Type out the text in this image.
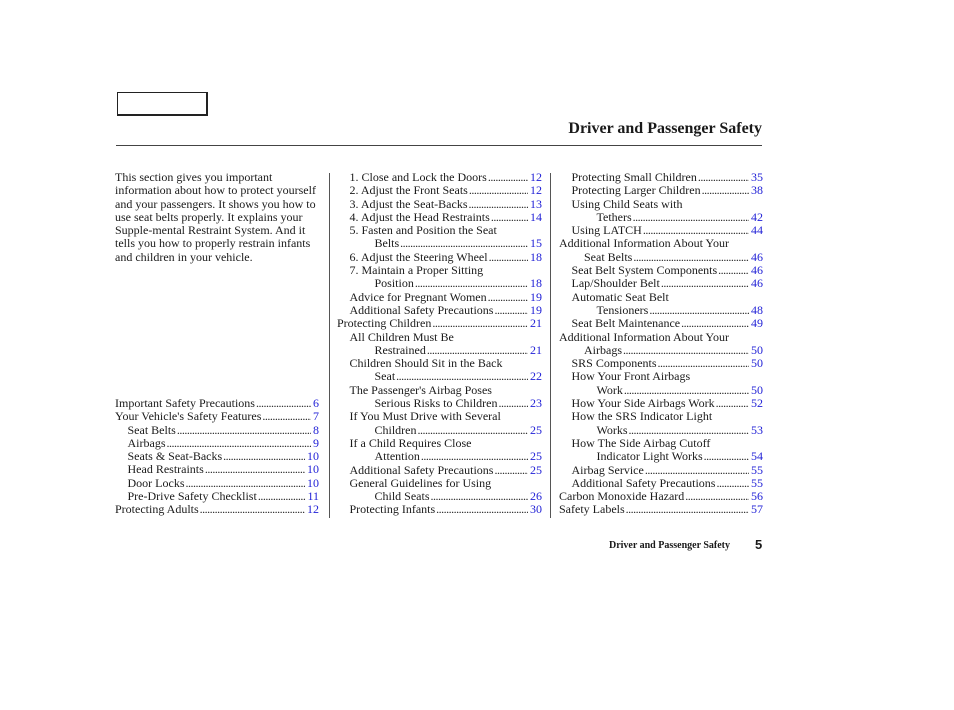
Driver and Passenger Safety

This section gives you important information about how to protect yourself and your passengers. It shows you how to use seat belts properly. It explains your Supple-mental Restraint System. And it tells you how to properly restrain infants and children in your vehicle.

Important Safety Precautions .....	6
Your Vehicle's Safety Features .....	7
Seat Belts .....	8
Airbags .....	9
Seats & Seat-Backs .....	10
Head Restraints .....	10
Door Locks .....	10
Pre-Drive Safety Checklist .....	11
Protecting Adults .....	12
1. Close and Lock the Doors .....	12
2. Adjust the Front Seats .....	12
3. Adjust the Seat-Backs .....	13
4. Adjust the Head Restraints .....	14
5. Fasten and Position the Seat
Belts .....	15
6. Adjust the Steering Wheel .....	18
7. Maintain a Proper Sitting
Position .....	18
Advice for Pregnant Women .....	19
Additional Safety Precautions .....	19
Protecting Children .....	21
All Children Must Be
Restrained .....	21
Children Should Sit in the Back
Seat .....	22
The Passenger's Airbag Poses
Serious Risks to Children .....	23
If You Must Drive with Several
Children .....	25
If a Child Requires Close
Attention .....	25
Additional Safety Precautions .....	25
General Guidelines for Using
Child Seats .....	26
Protecting Infants .....	30
Protecting Small Children .....	35
Protecting Larger Children .....	38
Using Child Seats with
Tethers .....	42
Using LATCH .....	44
Additional Information About Your
Seat Belts .....	46
Seat Belt System Components .....	46
Lap/Shoulder Belt .....	46
Automatic Seat Belt
Tensioners .....	48
Seat Belt Maintenance .....	49
Additional Information About Your
Airbags .....	50
SRS Components .....	50
How Your Front Airbags
Work .....	50
How Your Side Airbags Work .....	52
How the SRS Indicator Light
Works .....	53
How The Side Airbag Cutoff
Indicator Light Works .....	54
Airbag Service .....	55
Additional Safety Precautions .....	55
Carbon Monoxide Hazard .....	56
Safety Labels .....	57
Driver and Passenger Safety 5
